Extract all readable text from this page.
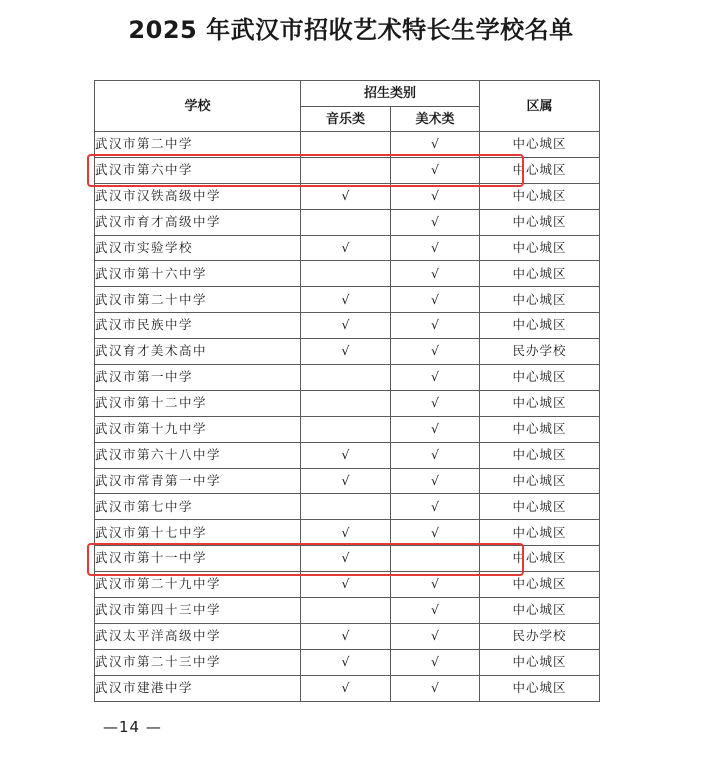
2025 年武汉市招收艺术特长生学校名单
学校	招生类别		区属
	音乐类	美术类	
武汉市第二中学		√	中心城区
武汉市第六中学		√	中心城区
武汉市汉铁高级中学	√	√	中心城区
武汉市育才高级中学		√	中心城区
武汉市实验学校	√	√	中心城区
武汉市第十六中学		√	中心城区
武汉市第二十中学	√	√	中心城区
武汉市民族中学	√	√	中心城区
武汉育才美术高中	√	√	民办学校
武汉市第一中学		√	中心城区
武汉市第十二中学		√	中心城区
武汉市第十九中学		√	中心城区
武汉市第六十八中学	√	√	中心城区
武汉市常青第一中学	√	√	中心城区
武汉市第七中学		√	中心城区
武汉市第十七中学	√	√	中心城区
武汉市第十一中学	√		中心城区
武汉市第二十九中学	√	√	中心城区
武汉市第四十三中学		√	中心城区
武汉太平洋高级中学	√	√	民办学校
武汉市第二十三中学	√	√	中心城区
武汉市建港中学	√	√	中心城区
—14 —
